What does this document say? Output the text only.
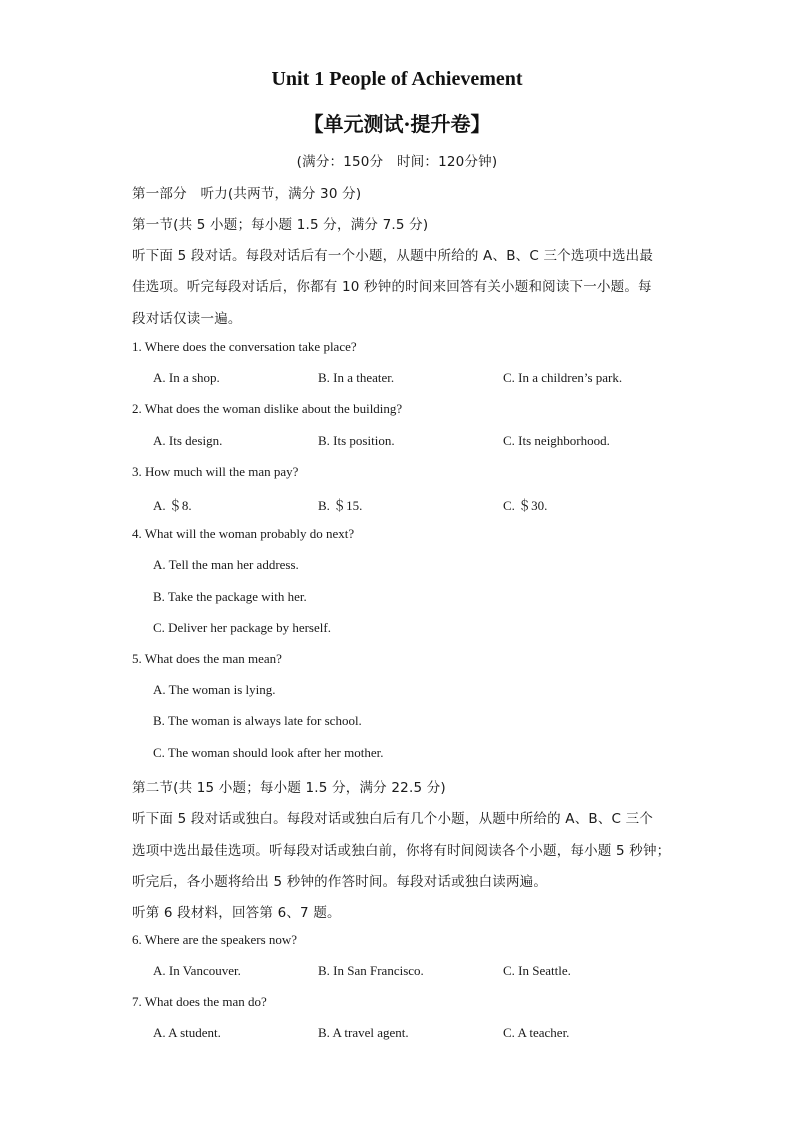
Unit 1 People of Achievement
【单元测试·提升卷】
(满分：150分　时间：120分钟)
第一部分　听力(共两节，满分 30 分)
第一节(共 5 小题；每小题 1.5 分，满分 7.5 分)
听下面 5 段对话。每段对话后有一个小题，从题中所给的 A、B、C 三个选项中选出最
佳选项。听完每段对话后，你都有 10 秒钟的时间来回答有关小题和阅读下一小题。每
段对话仅读一遍。
1. Where does the conversation take place?
A. In a shop.	B. In a theater.	C. In a children’s park.
2. What does the woman dislike about the building?
A. Its design.	B. Its position.	C. Its neighborhood.
3. How much will the man pay?
A. ＄8.	B. ＄15.	C. ＄30.
4. What will the woman probably do next?
A. Tell the man her address.
B. Take the package with her.
C. Deliver her package by herself.
5. What does the man mean?
A. The woman is lying.
B. The woman is always late for school.
C. The woman should look after her mother.
第二节(共 15 小题；每小题 1.5 分，满分 22.5 分)
听下面 5 段对话或独白。每段对话或独白后有几个小题，从题中所给的 A、B、C 三个
选项中选出最佳选项。听每段对话或独白前，你将有时间阅读各个小题，每小题 5 秒钟；
听完后，各小题将给出 5 秒钟的作答时间。每段对话或独白读两遍。
听第 6 段材料，回答第 6、7 题。
6. Where are the speakers now?
A. In Vancouver.	B. In San Francisco.	C. In Seattle.
7. What does the man do?
A. A student.	B. A travel agent.	C. A teacher.
